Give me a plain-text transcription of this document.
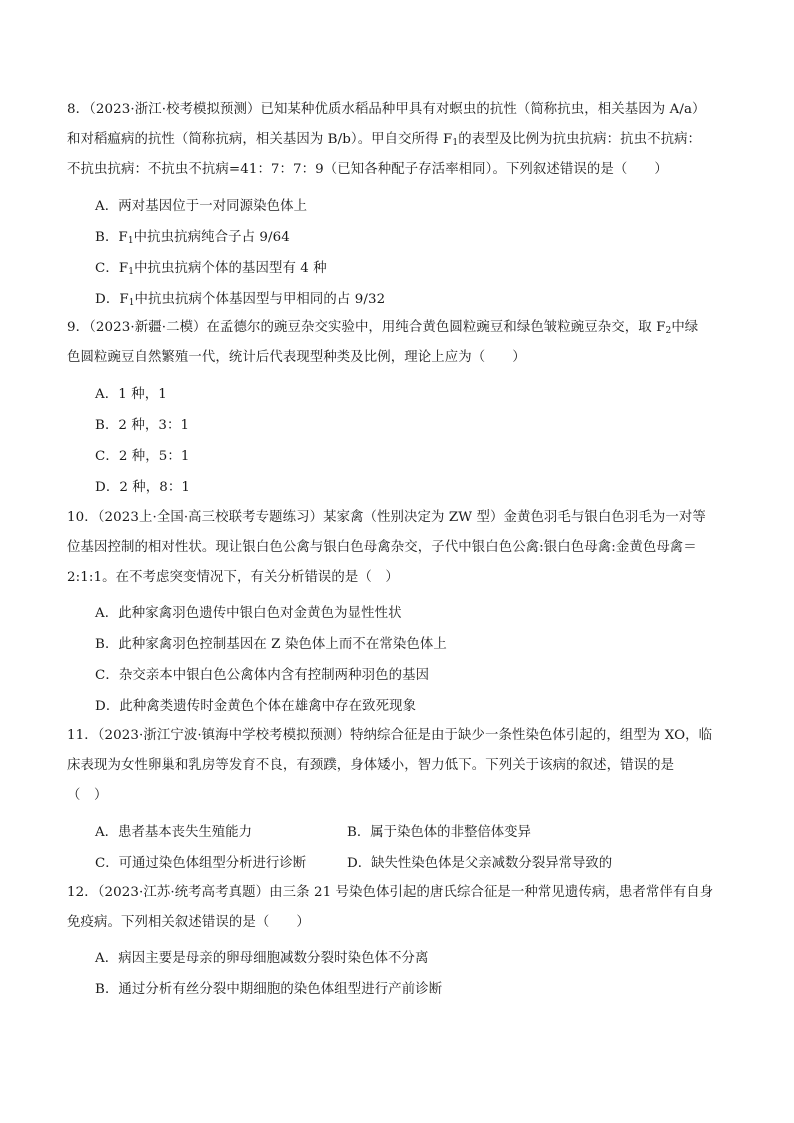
8．（2023·浙江·校考模拟预测）已知某种优质水稻品种甲具有对螟虫的抗性（简称抗虫，相关基因为 A/a）
和对稻瘟病的抗性（简称抗病，相关基因为 B/b）。甲自交所得 $F_1$的表型及比例为抗虫抗病：抗虫不抗病：
不抗虫抗病：不抗虫不抗病=41：7：7：9（已知各种配子存活率相同）。下列叙述错误的是（　　）
A．两对基因位于一对同源染色体上
B．$F_1$中抗虫抗病纯合子占 9/64
C．$F_1$中抗虫抗病个体的基因型有 4 种
D．$F_1$中抗虫抗病个体基因型与甲相同的占 9/32
9．（2023·新疆·二模）在孟德尔的豌豆杂交实验中，用纯合黄色圆粒豌豆和绿色皱粒豌豆杂交，取 $F_2$中绿
色圆粒豌豆自然繁殖一代，统计后代表现型种类及比例，理论上应为（　　）
A．1 种，1
B．2 种，3：1
C．2 种，5：1
D．2 种，8：1
10．（2023上·全国·高三校联考专题练习）某家禽（性别决定为 ZW 型）金黄色羽毛与银白色羽毛为一对等
位基因控制的相对性状。现让银白色公禽与银白色母禽杂交，子代中银白色公禽:银白色母禽:金黄色母禽＝
2:1:1。在不考虑突变情况下，有关分析错误的是（　）
A．此种家禽羽色遗传中银白色对金黄色为显性性状
B．此种家禽羽色控制基因在 Z 染色体上而不在常染色体上
C．杂交亲本中银白色公禽体内含有控制两种羽色的基因
D．此种禽类遗传时金黄色个体在雄禽中存在致死现象
11．（2023·浙江宁波·镇海中学校考模拟预测）特纳综合征是由于缺少一条性染色体引起的，组型为 XO，临
床表现为女性卵巢和乳房等发育不良，有颈蹼，身体矮小，智力低下。下列关于该病的叙述，错误的是
（　）
A．患者基本丧失生殖能力	B．属于染色体的非整倍体变异
C．可通过染色体组型分析进行诊断	D．缺失性染色体是父亲减数分裂异常导致的
12．（2023·江苏·统考高考真题）由三条 21 号染色体引起的唐氏综合征是一种常见遗传病，患者常伴有自身
免疫病。下列相关叙述错误的是（　　）
A．病因主要是母亲的卵母细胞减数分裂时染色体不分离
B．通过分析有丝分裂中期细胞的染色体组型进行产前诊断
